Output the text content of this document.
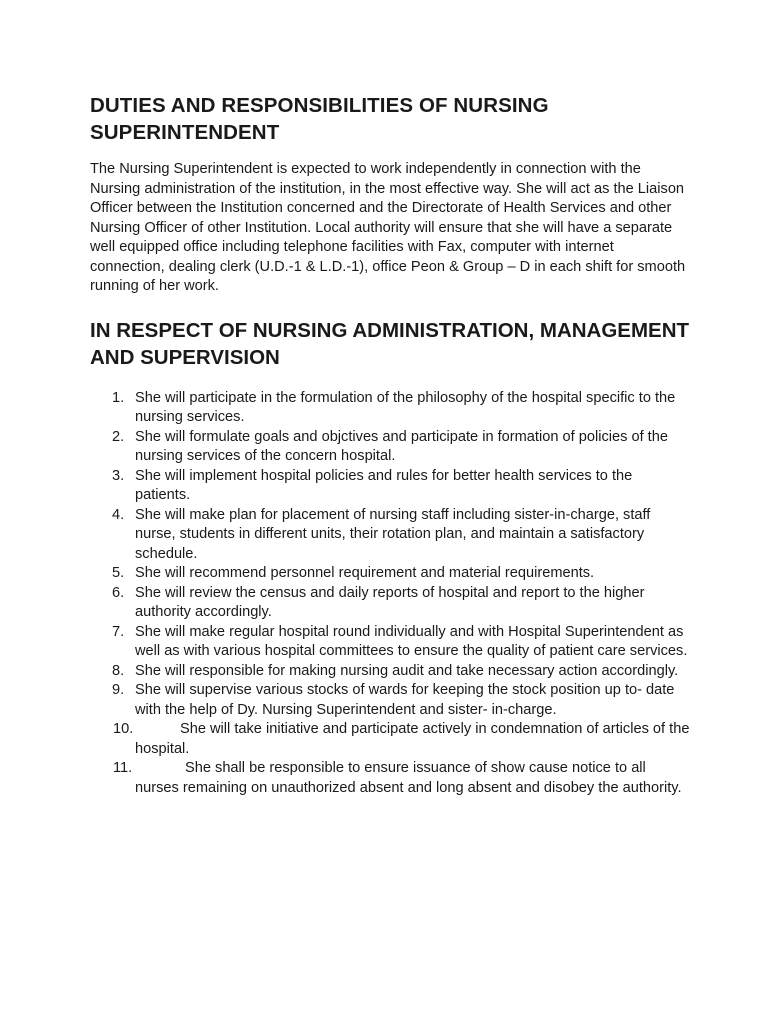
DUTIES AND RESPONSIBILITIES OF NURSING SUPERINTENDENT

The Nursing Superintendent is expected to work independently in connection with the Nursing administration of the institution, in the most effective way. She will act as the Liaison Officer between the Institution concerned and the Directorate of Health Services and other Nursing Officer of other Institution. Local authority will ensure that she will have a separate well equipped office including telephone facilities with Fax, computer with internet connection, dealing clerk (U.D.-1 & L.D.-1), office Peon & Group – D in each shift for smooth running of her work.

IN RESPECT OF NURSING ADMINISTRATION, MANAGEMENT AND SUPERVISION
1. She will participate in the formulation of the philosophy of the hospital specific to the nursing services.
2. She will formulate goals and objctives and participate in formation of policies of the nursing services of the concern hospital.
3. She will implement hospital policies and rules for better health services to the patients.
4. She will make plan for placement of nursing staff including sister-in-charge, staff nurse, students in different units, their rotation plan, and maintain a satisfactory schedule.
5. She will recommend personnel requirement and material requirements.
6. She will review the census and daily reports of hospital and report to the higher authority accordingly.
7. She will make regular hospital round individually and with Hospital Superintendent as well as with various hospital committees to ensure the quality of patient care services.
8. She will responsible for making nursing audit and take necessary action accordingly.
9. She will supervise various stocks of wards for keeping the stock position up to- date with the help of Dy. Nursing Superintendent and sister- in-charge.
10.	She will take initiative and participate actively in condemnation of articles of the hospital.
11.	She shall be responsible to ensure issuance of show cause notice to all nurses remaining on unauthorized absent and long absent and disobey the authority.
